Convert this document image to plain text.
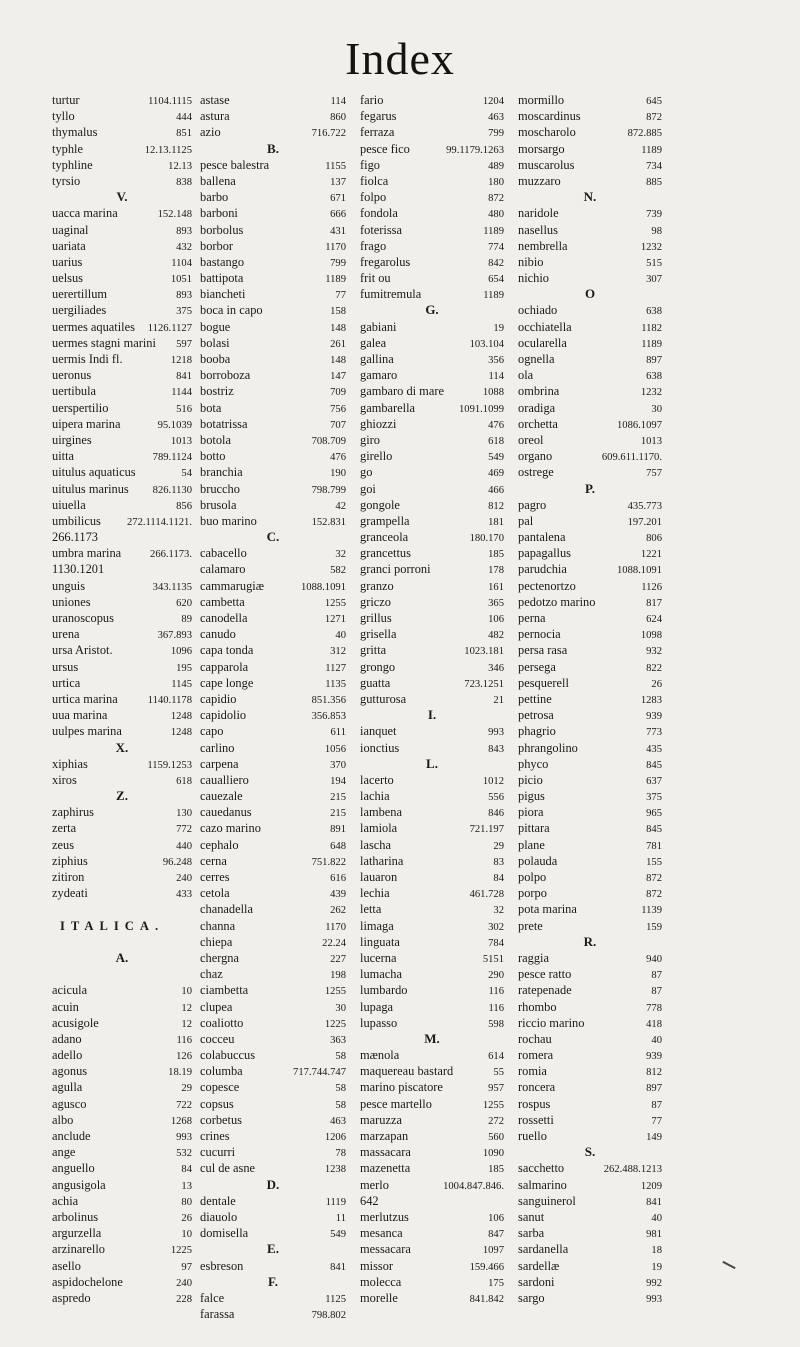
Index
turtur	1104.1115
tyllo	444
thymalus	851
typhle	12.13.1125
typhline	12.13
tyrsio	838
V.
uacca marina	152.148
uaginal	893
uariata	432
uarius	1104
uelsus	1051
uerertillum	893
uergiliades	375
uermes aquatiles	1126.1127
uermes stagni marini	597
uermis Indi fl.	1218
ueronus	841
uertibula	1144
uerspertilio	516
uipera marina	95.1039
uirgines	1013
uitta	789.1124
uitulus aquaticus	54
uitulus marinus	826.1130
uiuella	856
umbilicus	272.1114.1121.
266.1173
umbra marina	266.1173.
1130.1201
unguis	343.1135
uniones	620
uranoscopus	89
urena	367.893
ursa Aristot.	1096
ursus	195
urtica	1145
urtica marina	1140.1178
uua marina	1248
uulpes marina	1248
X.
xiphias	1159.1253
xiros	618
Z.
zaphirus	130
zerta	772
zeus	440
ziphius	96.248
zitiron	240
zydeati	433
ITALICA.
A.
acicula	10
acuin	12
acusigole	12
adano	116
adello	126
agonus	18.19
agulla	29
agusco	722
albo	1268
anclude	993
ange	532
anguello	84
angusigola	13
achia	80
arbolinus	26
argurzella	10
arzinarello	1225
asello	97
aspidochelone	240
aspredo	228
astase	114
astura	860
azio	716.722
B.
pesce balestra	1155
ballena	137
barbo	671
barboni	666
borbolus	431
borbor	1170
bastango	799
battipota	1189
biancheti	77
boca in capo	158
bogue	148
bolasi	261
booba	148
borroboza	147
bostriz	709
bota	756
botatrissa	707
botola	708.709
botto	476
branchia	190
bruccho	798.799
brusola	42
buo marino	152.831
C.
cabacello	32
calamaro	582
cammarugiæ	1088.1091
cambetta	1255
canodella	1271
canudo	40
capa tonda	312
capparola	1127
cape longe	1135
capidio	851.356
capidolio	356.853
capo	611
carlino	1056
carpena	370
caualliero	194
cauezale	215
cauedanus	215
cazo marino	891
cephalo	648
cerna	751.822
cerres	616
cetola	439
chanadella	262
channa	1170
chiepa	22.24
chergna	227
chaz	198
ciambetta	1255
clupea	30
coaliotto	1225
cocceu	363
colabuccus	58
columba	717.744.747
copesce	58
copsus	58
corbetus	463
crines	1206
cucurri	78
cul de asne	1238
D.
dentale	1119
diauolo	11
domisella	549
E.
esbreson	841
F.
falce	1125
farassa	798.802
fario	1204
fegarus	463
ferraza	799
pesce fico	99.1179.1263
figo	489
fiolca	180
folpo	872
fondola	480
foterissa	1189
frago	774
fregarolus	842
frit ou	654
fumitremula	1189
G.
gabiani	19
galea	103.104
gallina	356
gamaro	114
gambaro di mare	1088
gambarella	1091.1099
ghiozzi	476
giro	618
girello	549
go	469
goi	466
gongole	812
grampella	181
granceola	180.170
grancettus	185
granci porroni	178
granzo	161
griczo	365
grillus	106
grisella	482
gritta	1023.181
grongo	346
guatta	723.1251
gutturosa	21
I.
ianquet	993
ionctius	843
L.
lacerto	1012
lachia	556
lambena	846
lamiola	721.197
lascha	29
latharina	83
lauaron	84
lechia	461.728
letta	32
limaga	302
linguata	784
lucerna	5151
lumacha	290
lumbardo	116
lupaga	116
lupasso	598
M.
mænola	614
maquereau bastard	55
marino piscatore	957
pesce martello	1255
maruzza	272
marzapan	560
massacara	1090
mazenetta	185
merlo	1004.847.846.
642
merlutzus	106
mesanca	847
messacara	1097
missor	159.466
molecca	175
morelle	841.842
mormillo	645
moscardinus	872
moscharolo	872.885
morsargo	1189
muscarolus	734
muzzaro	885
N.
naridole	739
nasellus	98
nembrella	1232
nibio	515
nichio	307
O
ochiado	638
occhiatella	1182
ocularella	1189
ognella	897
ola	638
ombrina	1232
oradiga	30
orchetta	1086.1097
oreol	1013
organo	609.611.1170.
ostrege	757
P.
pagro	435.773
pal	197.201
pantalena	806
papagallus	1221
parudchia	1088.1091
pectenortzo	1126
pedotzo marino	817
perna	624
pernocia	1098
persa rasa	932
persega	822
pesquerell	26
pettine	1283
petrosa	939
phagrio	773
phrangolino	435
phyco	845
picio	637
pigus	375
piora	965
pittara	845
plane	781
polauda	155
polpo	872
porpo	872
pota marina	1139
prete	159
R.
raggia	940
pesce ratto	87
ratepenade	87
rhombo	778
riccio marino	418
rochau	40
romera	939
romia	812
roncera	897
rospus	87
rossetti	77
ruello	149
S.
sacchetto	262.488.1213
salmarino	1209
sanguinerol	841
sanut	40
sarba	981
sardanella	18
sardellæ	19
sardoni	992
sargo	993
